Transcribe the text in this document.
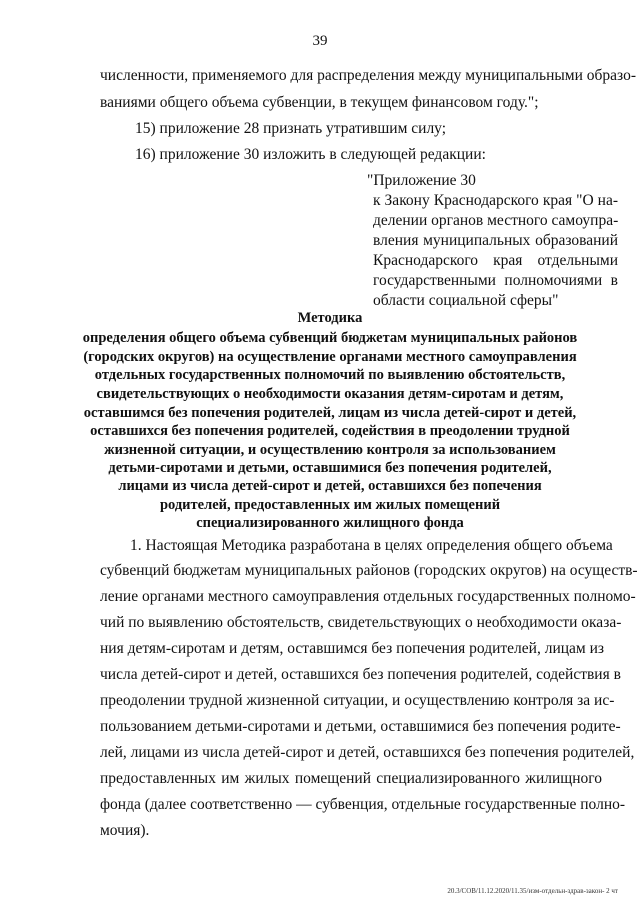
39
численности, применяемого для распределения между муниципальными образо-
ваниями общего объема субвенции, в текущем финансовом году.";
15) приложение 28 признать утратившим силу;
16) приложение 30 изложить в следующей редакции:
"Приложение 30
к Закону Краснодарского края "О на-
делении органов местного самоупра-
вления муниципальных образований
Краснодарского края отдельными
государственными полномочиями в
области социальной сферы"
Методика
определения общего объема субвенций бюджетам муниципальных районов
(городских округов) на осуществление органами местного самоуправления
отдельных государственных полномочий по выявлению обстоятельств,
свидетельствующих о необходимости оказания детям-сиротам и детям,
оставшимся без попечения родителей, лицам из числа детей-сирот и детей,
оставшихся без попечения родителей, содействия в преодолении трудной
жизненной ситуации, и осуществлению контроля за использованием
детьми-сиротами и детьми, оставшимися без попечения родителей,
лицами из числа детей-сирот и детей, оставшихся без попечения
родителей, предоставленных им жилых помещений
специализированного жилищного фонда
1. Настоящая Методика разработана в целях определения общего объема
субвенций бюджетам муниципальных районов (городских округов) на осуществ-
ление органами местного самоуправления отдельных государственных полномо-
чий по выявлению обстоятельств, свидетельствующих о необходимости оказа-
ния детям-сиротам и детям, оставшимся без попечения родителей, лицам из
числа детей-сирот и детей, оставшихся без попечения родителей, содействия в
преодолении трудной жизненной ситуации, и осуществлению контроля за ис-
пользованием детьми-сиротами и детьми, оставшимися без попечения родите-
лей, лицами из числа детей-сирот и детей, оставшихся без попечения родителей,
предоставленных им жилых помещений специализированного жилищного
фонда (далее соответственно — субвенция, отдельные государственные полно-
мочия).
20.3/СОВ/11.12.2020/11.35/изм-отдельн-здрав-закон- 2 чт
